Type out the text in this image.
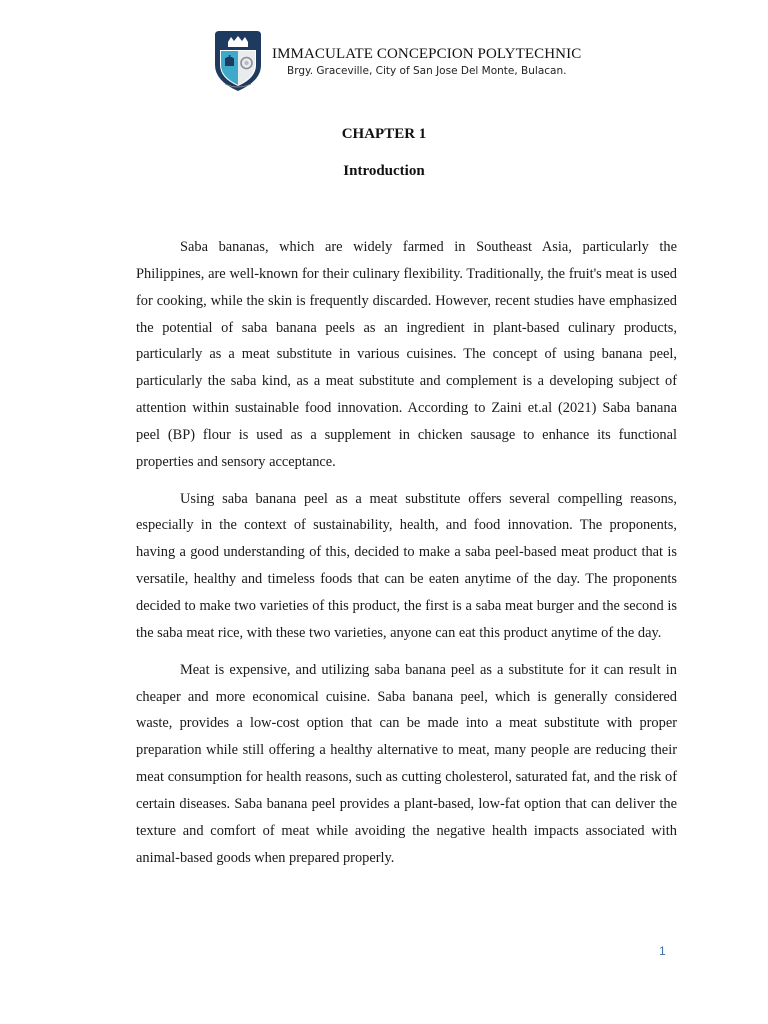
IMMACULATE CONCEPCION POLYTECHNIC
Brgy. Graceville, City of San Jose Del Monte, Bulacan.
CHAPTER 1
Introduction

Saba bananas, which are widely farmed in Southeast Asia, particularly the Philippines, are well-known for their culinary flexibility. Traditionally, the fruit's meat is used for cooking, while the skin is frequently discarded. However, recent studies have emphasized the potential of saba banana peels as an ingredient in plant-based culinary products, particularly as a meat substitute in various cuisines. The concept of using banana peel, particularly the saba kind, as a meat substitute and complement is a developing subject of attention within sustainable food innovation. According to Zaini et.al (2021) Saba banana peel (BP) flour is used as a supplement in chicken sausage to enhance its functional properties and sensory acceptance.

Using saba banana peel as a meat substitute offers several compelling reasons, especially in the context of sustainability, health, and food innovation. The proponents, having a good understanding of this, decided to make a saba peel-based meat product that is versatile, healthy and timeless foods that can be eaten anytime of the day. The proponents decided to make two varieties of this product, the first is a saba meat burger and the second is the saba meat rice, with these two varieties, anyone can eat this product anytime of the day.

Meat is expensive, and utilizing saba banana peel as a substitute for it can result in cheaper and more economical cuisine. Saba banana peel, which is generally considered waste, provides a low-cost option that can be made into a meat substitute with proper preparation while still offering a healthy alternative to meat, many people are reducing their meat consumption for health reasons, such as cutting cholesterol, saturated fat, and the risk of certain diseases. Saba banana peel provides a plant-based, low-fat option that can deliver the texture and comfort of meat while avoiding the negative health impacts associated with animal-based goods when prepared properly.

1
